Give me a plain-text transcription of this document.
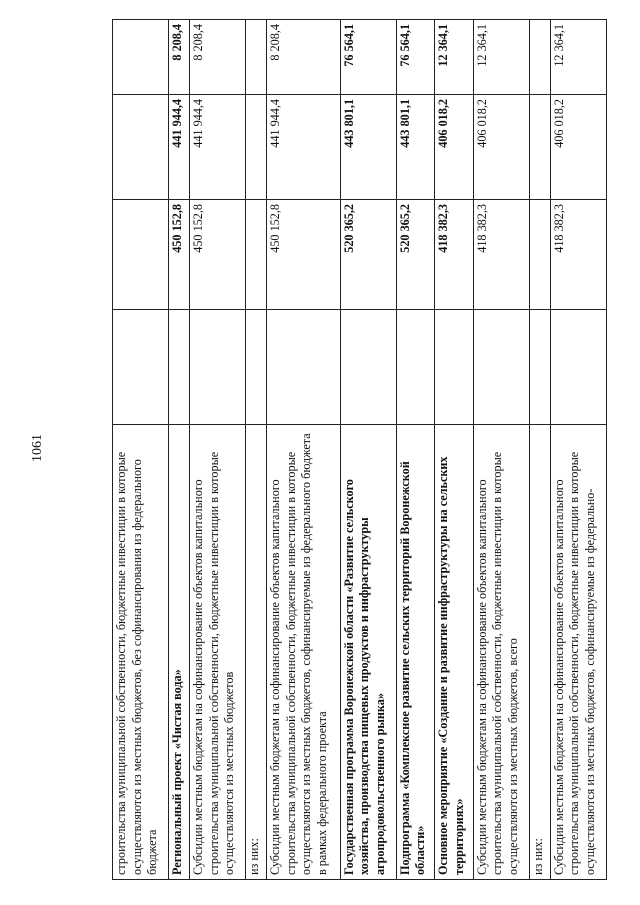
1061
строительства муниципальной собственности, бюджетные инвестиции в которые осуществляются из местных бюджетов, без софинансирования из федерального бюджета				
Региональный проект «Чистая вода»		450 152,8	441 944,4	8 208,4
Субсидии местным бюджетам на софинансирование объектов капитального строительства муниципальной собственности, бюджетные инвестиции в которые осуществляются из местных бюджетов		450 152,8	441 944,4	8 208,4
из них:				
Субсидии местным бюджетам на софинансирование объектов капитального строительства муниципальной собственности, бюджетные инвестиции в которые осуществляются из местных бюджетов, софинансируемые из федерального бюджета в рамках федерального проекта		450 152,8	441 944,4	8 208,4
Государственная программа Воронежской области «Развитие сельского хозяйства, производства пищевых продуктов и инфраструктуры агропродовольственного рынка»		520 365,2	443 801,1	76 564,1
Подпрограмма «Комплексное развитие сельских территорий Воронежской области»		520 365,2	443 801,1	76 564,1
Основное мероприятие «Создание и развитие инфраструктуры на сельских территориях»		418 382,3	406 018,2	12 364,1
Субсидии местным бюджетам на софинансирование объектов капитального строительства муниципальной собственности, бюджетные инвестиции в которые осуществляются из местных бюджетов, всего		418 382,3	406 018,2	12 364,1
из них:				
Субсидии местным бюджетам на софинансирование объектов капитального строительства муниципальной собственности, бюджетные инвестиции в которые осуществляются из местных бюджетов, софинансируемые из федерально-		418 382,3	406 018,2	12 364,1
